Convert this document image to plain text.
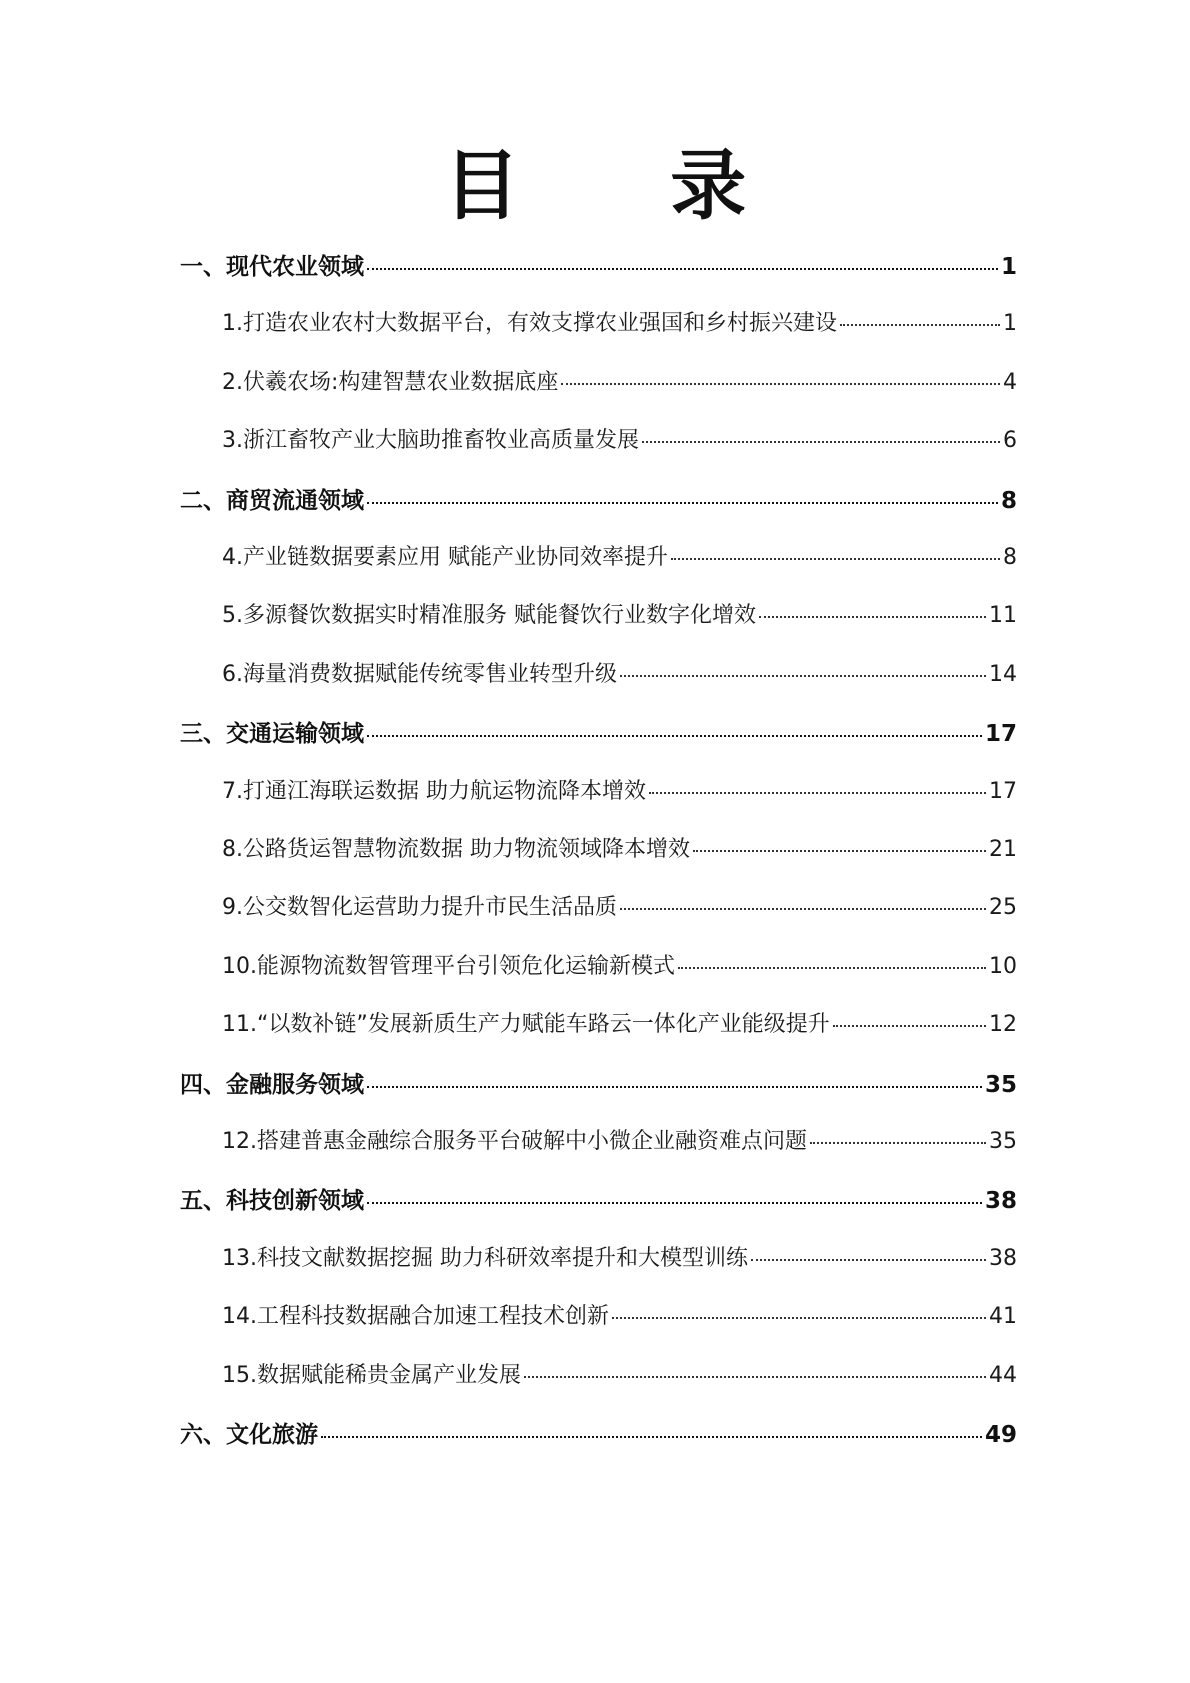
目 录
一、现代农业领域	1
1.打造农业农村大数据平台，有效支撑农业强国和乡村振兴建设	1
2.伏羲农场:构建智慧农业数据底座	4
3.浙江畜牧产业大脑助推畜牧业高质量发展	6
二、商贸流通领域	8
4.产业链数据要素应用 赋能产业协同效率提升	8
5.多源餐饮数据实时精准服务 赋能餐饮行业数字化增效	11
6.海量消费数据赋能传统零售业转型升级	14
三、交通运输领域	17
7.打通江海联运数据 助力航运物流降本增效	17
8.公路货运智慧物流数据 助力物流领域降本增效	21
9.公交数智化运营助力提升市民生活品质	25
10.能源物流数智管理平台引领危化运输新模式	10
11.“以数补链”发展新质生产力赋能车路云一体化产业能级提升	12
四、金融服务领域	35
12.搭建普惠金融综合服务平台破解中小微企业融资难点问题	35
五、科技创新领域	38
13.科技文献数据挖掘 助力科研效率提升和大模型训练	38
14.工程科技数据融合加速工程技术创新	41
15.数据赋能稀贵金属产业发展	44
六、文化旅游	49
